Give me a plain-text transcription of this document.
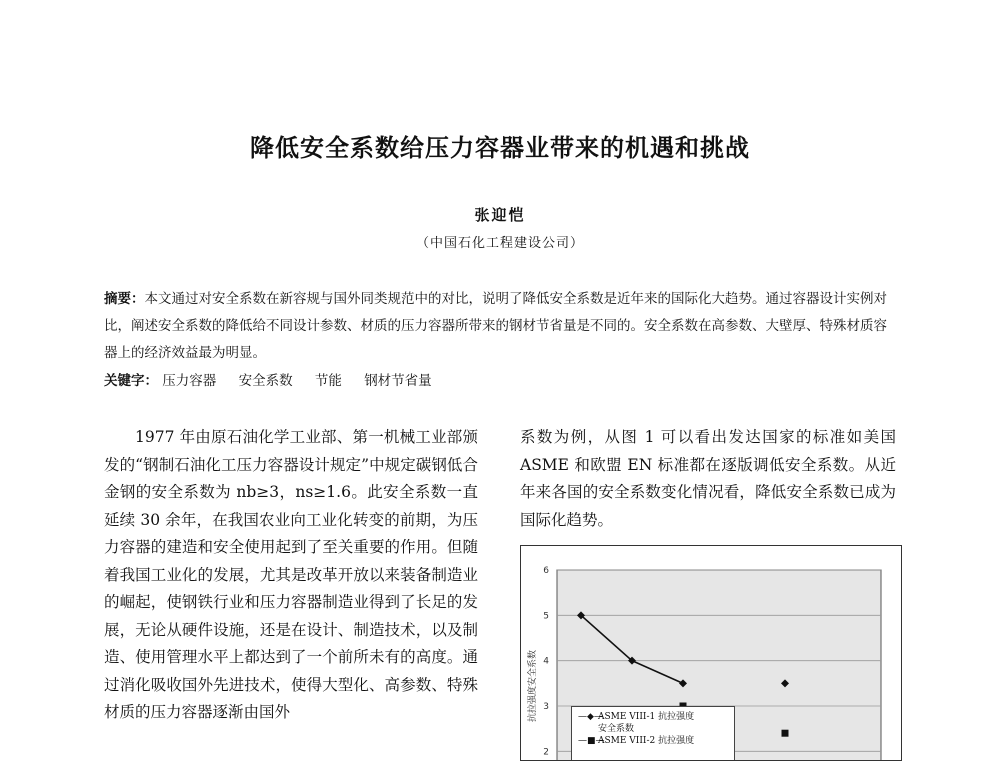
降低安全系数给压力容器业带来的机遇和挑战
张迎恺
（中国石化工程建设公司）
摘要：本文通过对安全系数在新容规与国外同类规范中的对比，说明了降低安全系数是近年来的国际化大趋势。通过容器设计实例对比，阐述安全系数的降低给不同设计参数、材质的压力容器所带来的钢材节省量是不同的。安全系数在高参数、大壁厚、特殊材质容器上的经济效益最为明显。
关键字： 压力容器 安全系数 节能 钢材节省量

1977 年由原石油化学工业部、第一机械工业部颁发的“钢制石油化工压力容器设计规定”中规定碳钢低合金钢的安全系数为 nb≥3，ns≥1.6。此安全系数一直延续 30 余年，在我国农业向工业化转变的前期，为压力容器的建造和安全使用起到了至关重要的作用。但随着我国工业化的发展，尤其是改革开放以来装备制造业的崛起，使钢铁行业和压力容器制造业得到了长足的发展，无论从硬件设施，还是在设计、制造技术，以及制造、使用管理水平上都达到了一个前所未有的高度。通过消化吸收国外先进技术，使得大型化、高参数、特殊材质的压力容器逐渐由国外

系数为例，从图 1 可以看出发达国家的标准如美国 ASME 和欧盟 EN 标准都在逐版调低安全系数。从近年来各国的安全系数变化情况看，降低安全系数已成为国际化趋势。

6
5
4
3
2
抗拉强度安全系数	—◆—ASME VIII-1 抗拉强度
安全系数
—■—ASME VIII-2 抗拉强度
